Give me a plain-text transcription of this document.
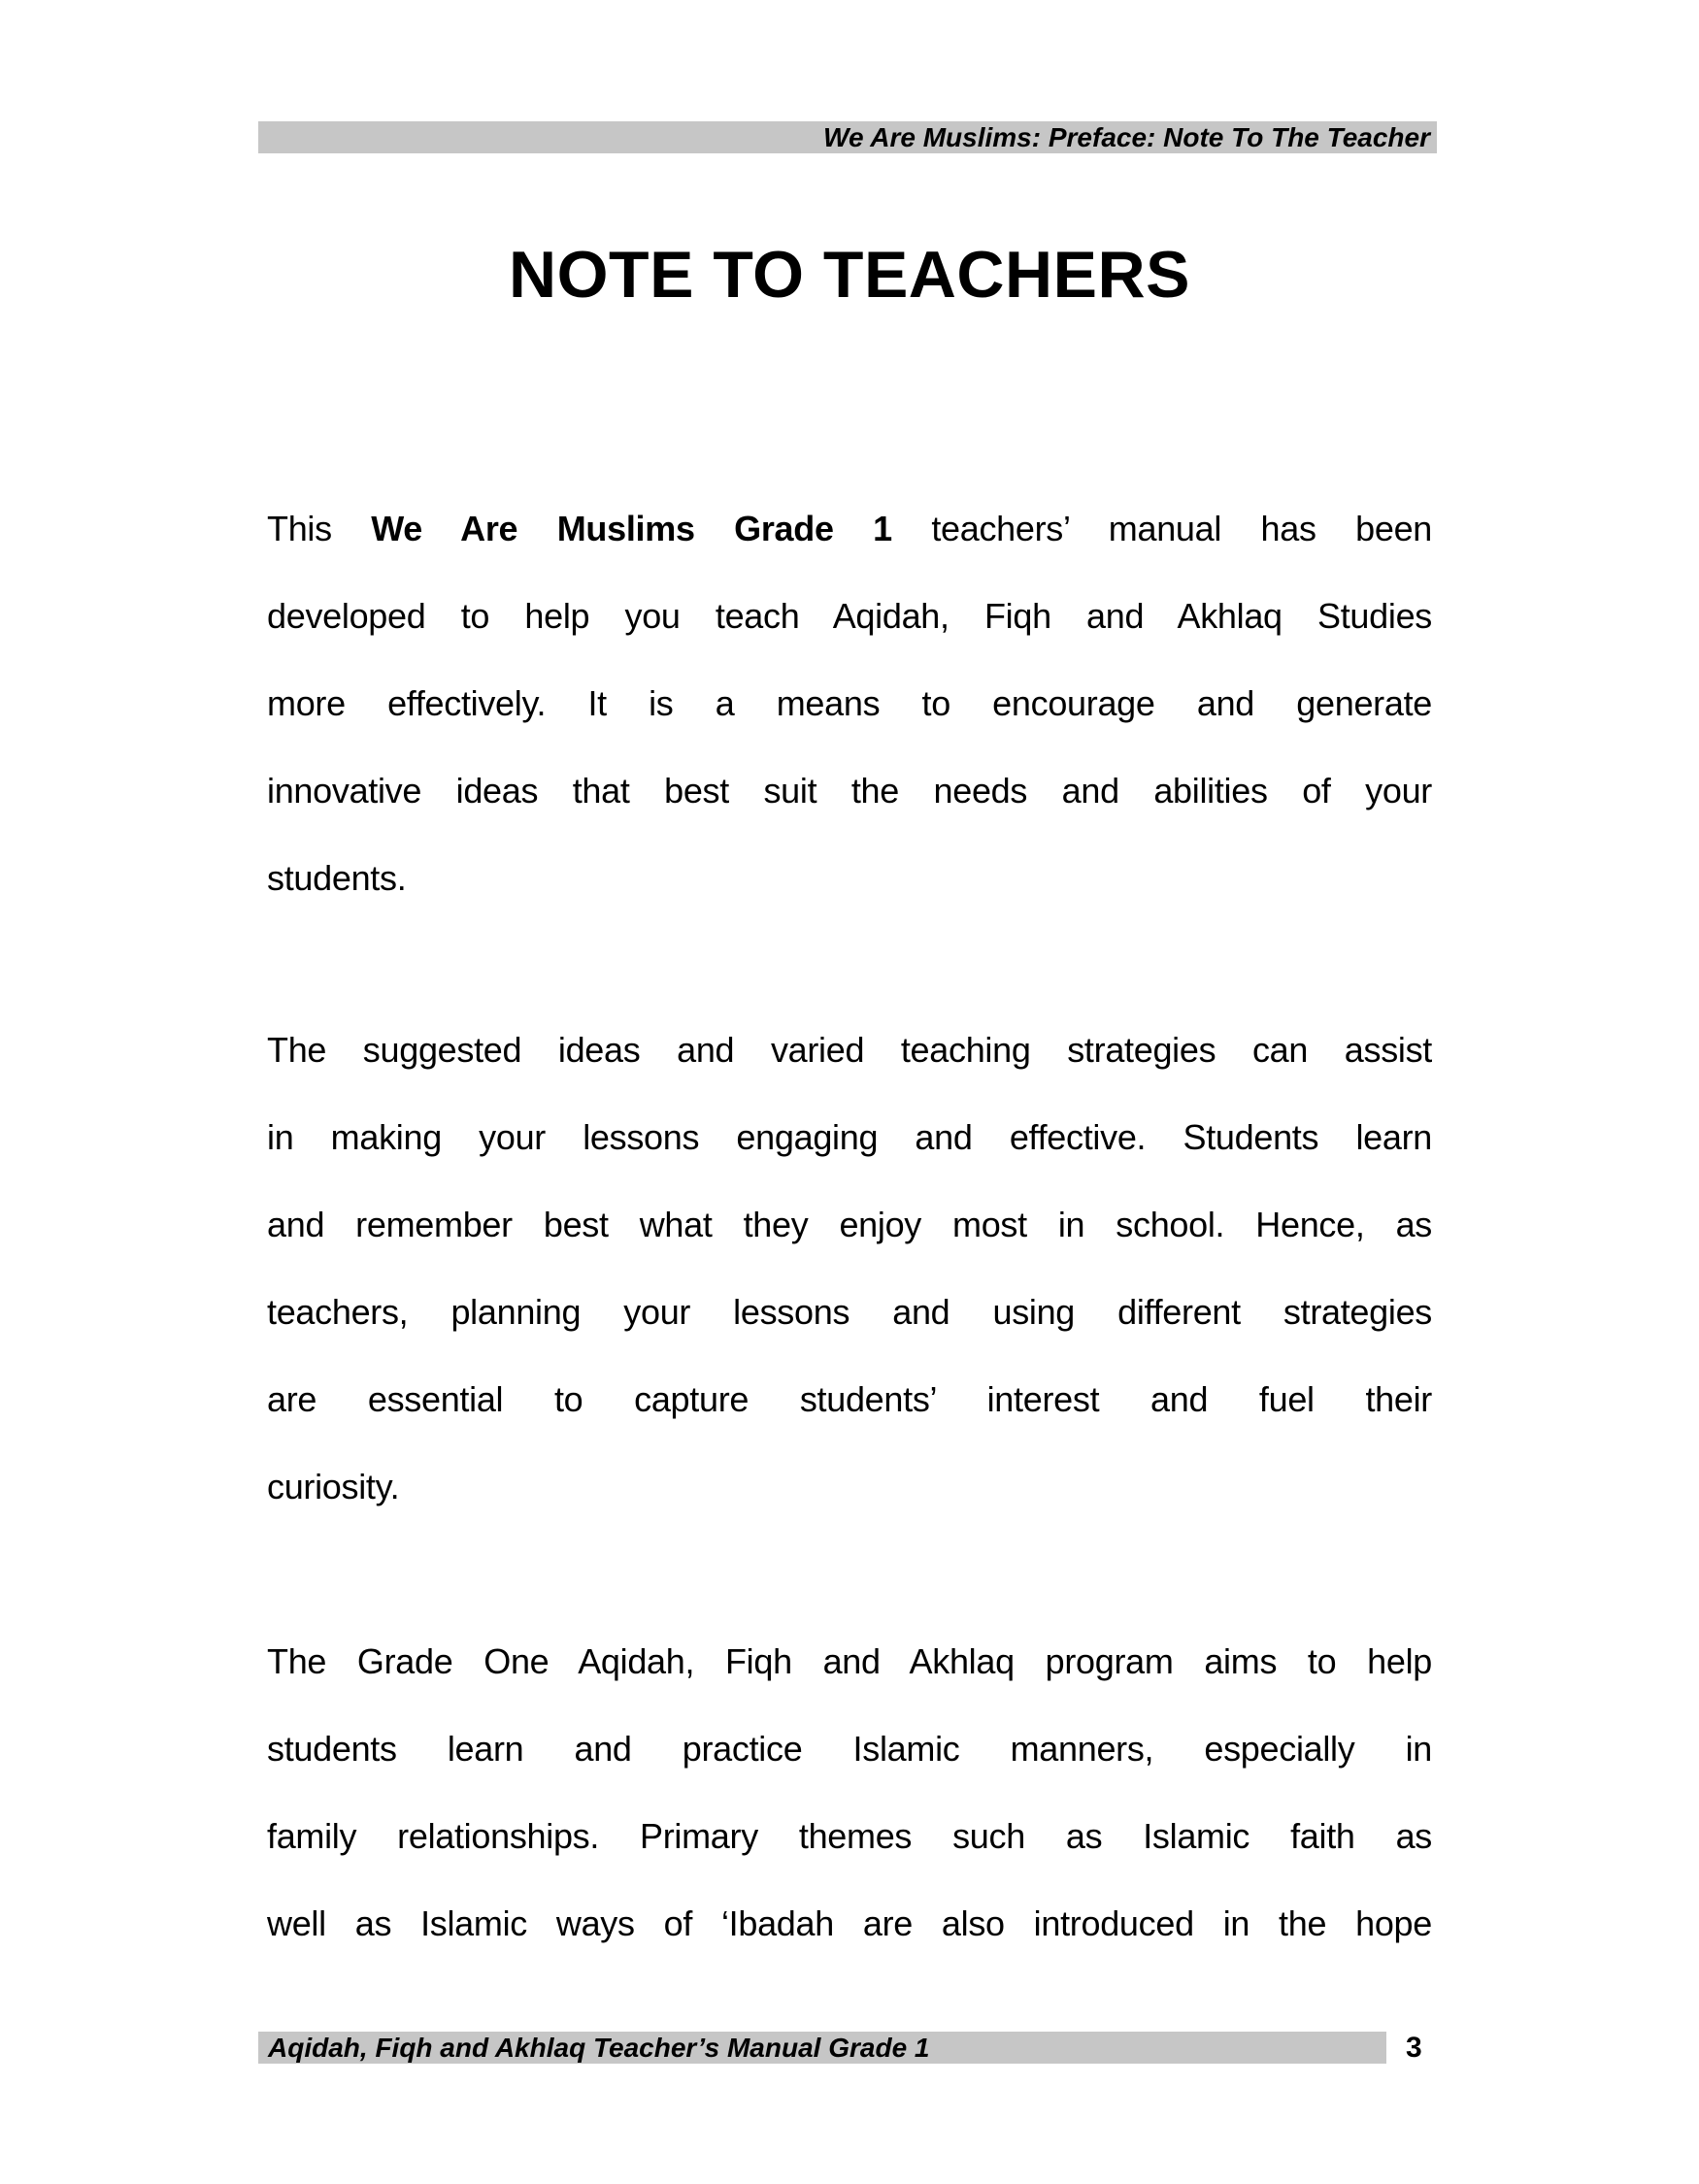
We Are Muslims: Preface: Note To The Teacher
NOTE TO TEACHERS
This We Are Muslims Grade 1 teachers’ manual has been
developed to help you teach Aqidah, Fiqh and Akhlaq Studies
more effectively. It is a means to encourage and generate
innovative ideas that best suit the needs and abilities of your
students.
The suggested ideas and varied teaching strategies can assist
in making your lessons engaging and effective. Students learn
and remember best what they enjoy most in school. Hence, as
teachers, planning your lessons and using different strategies
are essential to capture students’ interest and fuel their
curiosity.
The Grade One Aqidah, Fiqh and Akhlaq program aims to help
students learn and practice Islamic manners, especially in
family relationships. Primary themes such as Islamic faith as
well as Islamic ways of ‘Ibadah are also introduced in the hope
Aqidah, Fiqh and Akhlaq Teacher’s Manual Grade 1	3
